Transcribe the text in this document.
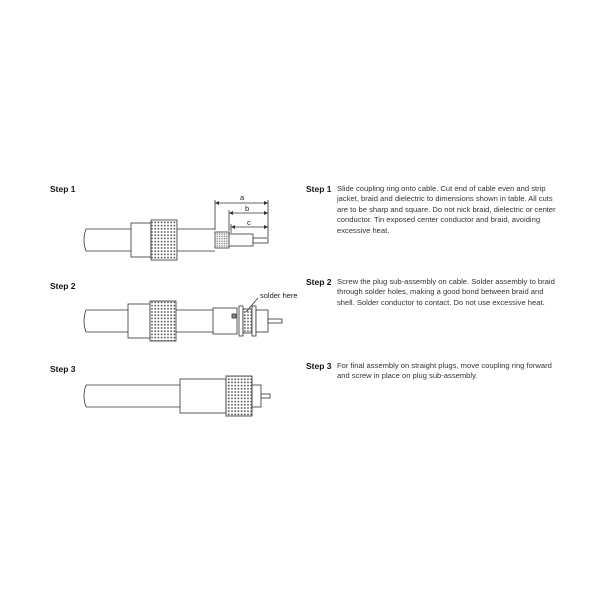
Step 1
Step 2
Step 3
a
b
c
solder here
Step 1 Slide coupling ring onto cable. Cut end of cable even and strip jacket, braid and dielectric to dimensions shown in table. All cuts are to be sharp and square. Do not nick braid, dielectric or center conductor. Tin exposed center conductor and braid, avoiding excessive heat.
Step 2 Screw the plug sub-assembly on cable. Solder assembly to braid through solder holes, making a good bond between braid and shell. Solder conductor to contact. Do not use excessive heat.
Step 3 For final assembly on straight plugs, move coupling ring forward and screw in place on plug sub-assembly.
